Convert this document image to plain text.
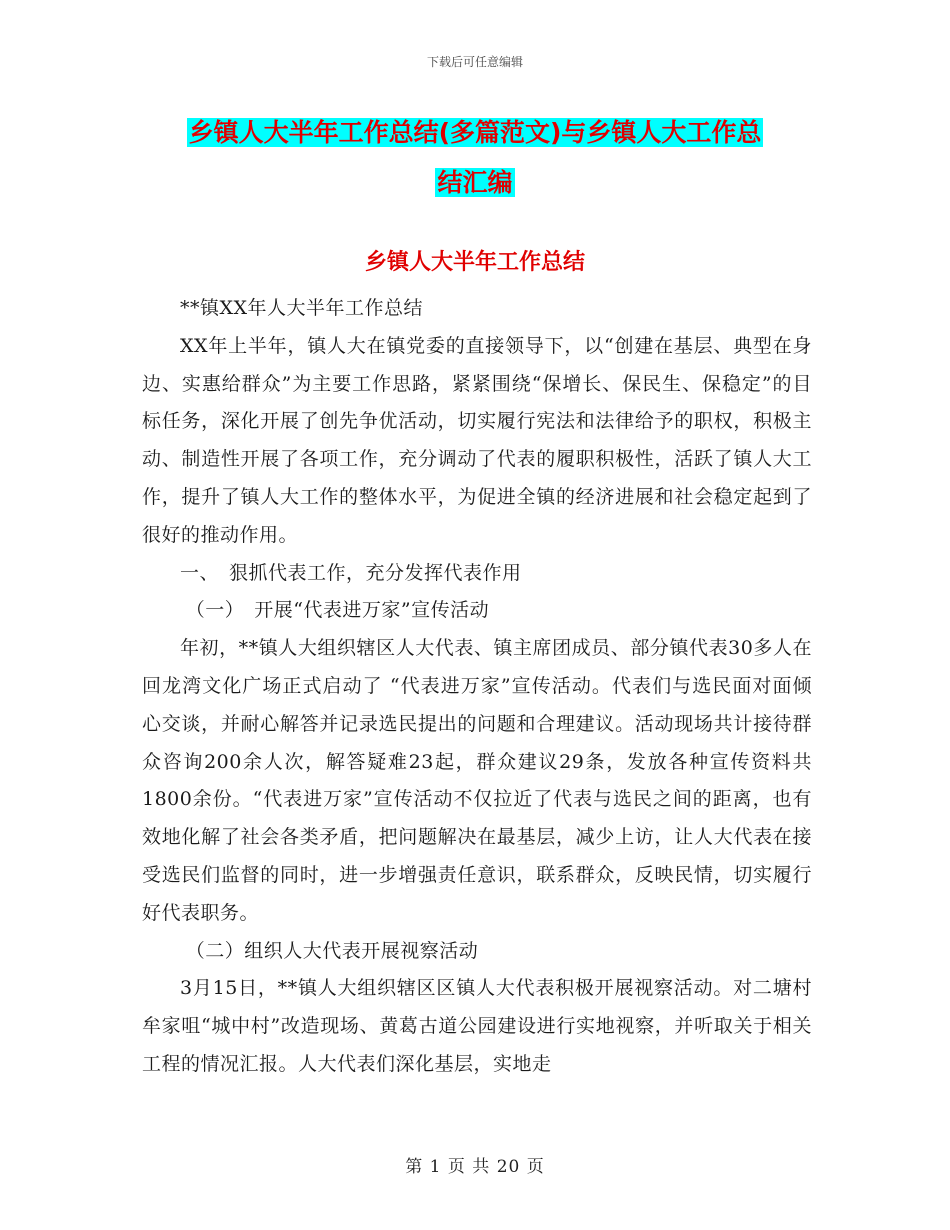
下载后可任意编辑
乡镇人大半年工作总结(多篇范文)与乡镇人大工作总
结汇编
乡镇人大半年工作总结

**镇XX年人大半年工作总结

XX年上半年，镇人大在镇党委的直接领导下，以“创建在基层、典型在身边、实惠给群众”为主要工作思路，紧紧围绕“保增长、保民生、保稳定”的目标任务，深化开展了创先争优活动，切实履行宪法和法律给予的职权，积极主动、制造性开展了各项工作，充分调动了代表的履职积极性，活跃了镇人大工作，提升了镇人大工作的整体水平，为促进全镇的经济进展和社会稳定起到了很好的推动作用。

一、　狠抓代表工作，充分发挥代表作用

（一）　开展“代表进万家”宣传活动

年初，**镇人大组织辖区人大代表、镇主席团成员、部分镇代表30多人在回龙湾文化广场正式启动了 “代表进万家”宣传活动。代表们与选民面对面倾心交谈，并耐心解答并记录选民提出的问题和合理建议。活动现场共计接待群众咨询200余人次，解答疑难23起，群众建议29条，发放各种宣传资料共1800余份。“代表进万家”宣传活动不仅拉近了代表与选民之间的距离，也有效地化解了社会各类矛盾，把问题解决在最基层，减少上访，让人大代表在接受选民们监督的同时，进一步增强责任意识，联系群众，反映民情，切实履行好代表职务。

（二）组织人大代表开展视察活动

3月15日，**镇人大组织辖区区镇人大代表积极开展视察活动。对二塘村牟家咀“城中村”改造现场、黄葛古道公园建设进行实地视察，并听取关于相关工程的情况汇报。人大代表们深化基层，实地走

第 1 页 共 20 页
